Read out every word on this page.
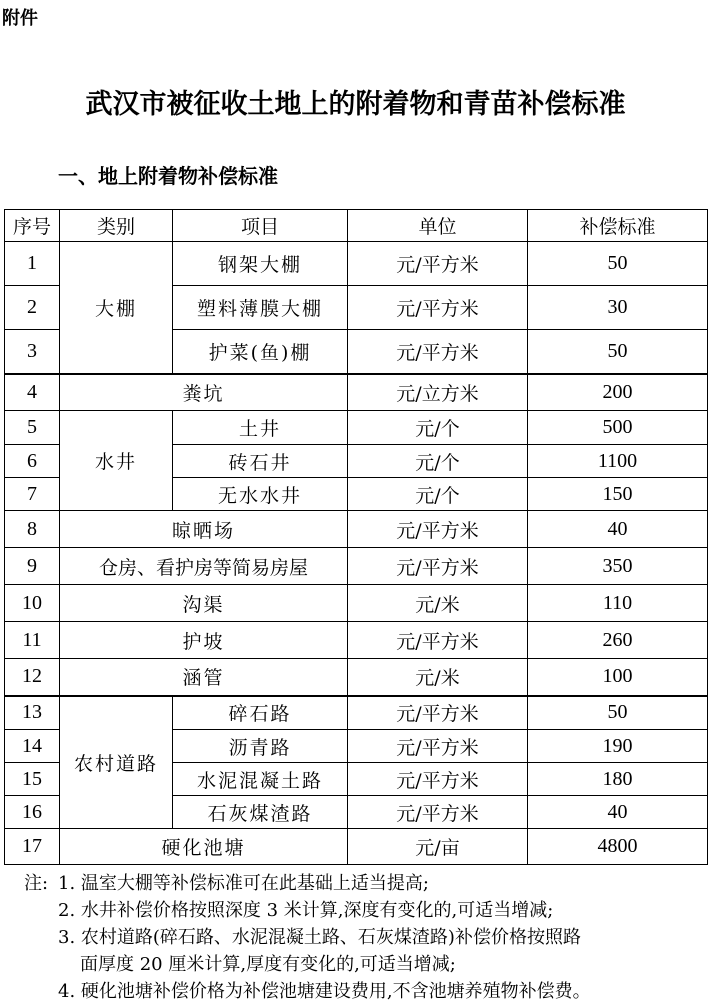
附件
武汉市被征收土地上的附着物和青苗补偿标准
一、地上附着物补偿标准
序号	类别	项目	单位	补偿标准
1	大棚	钢架大棚	元/平方米	50
2		塑料薄膜大棚	元/平方米	30
3		护菜(鱼)棚	元/平方米	50
4	粪坑		元/立方米	200
5	水井	土井	元/个	500
6		砖石井	元/个	1100
7		无水水井	元/个	150
8	晾晒场		元/平方米	40
9	仓房、看护房等简易房屋		元/平方米	350
10	沟渠		元/米	110
11	护坡		元/平方米	260
12	涵管		元/米	100
13	农村道路	碎石路	元/平方米	50
14		沥青路	元/平方米	190
15		水泥混凝土路	元/平方米	180
16		石灰煤渣路	元/平方米	40
17	硬化池塘		元/亩	4800
注: 1. 温室大棚等补偿标准可在此基础上适当提高;
2. 水井补偿价格按照深度 3 米计算,深度有变化的,可适当增减;
3. 农村道路(碎石路、水泥混凝土路、石灰煤渣路)补偿价格按照路
面厚度 20 厘米计算,厚度有变化的,可适当增减;
4. 硬化池塘补偿价格为补偿池塘建设费用,不含池塘养殖物补偿费。
